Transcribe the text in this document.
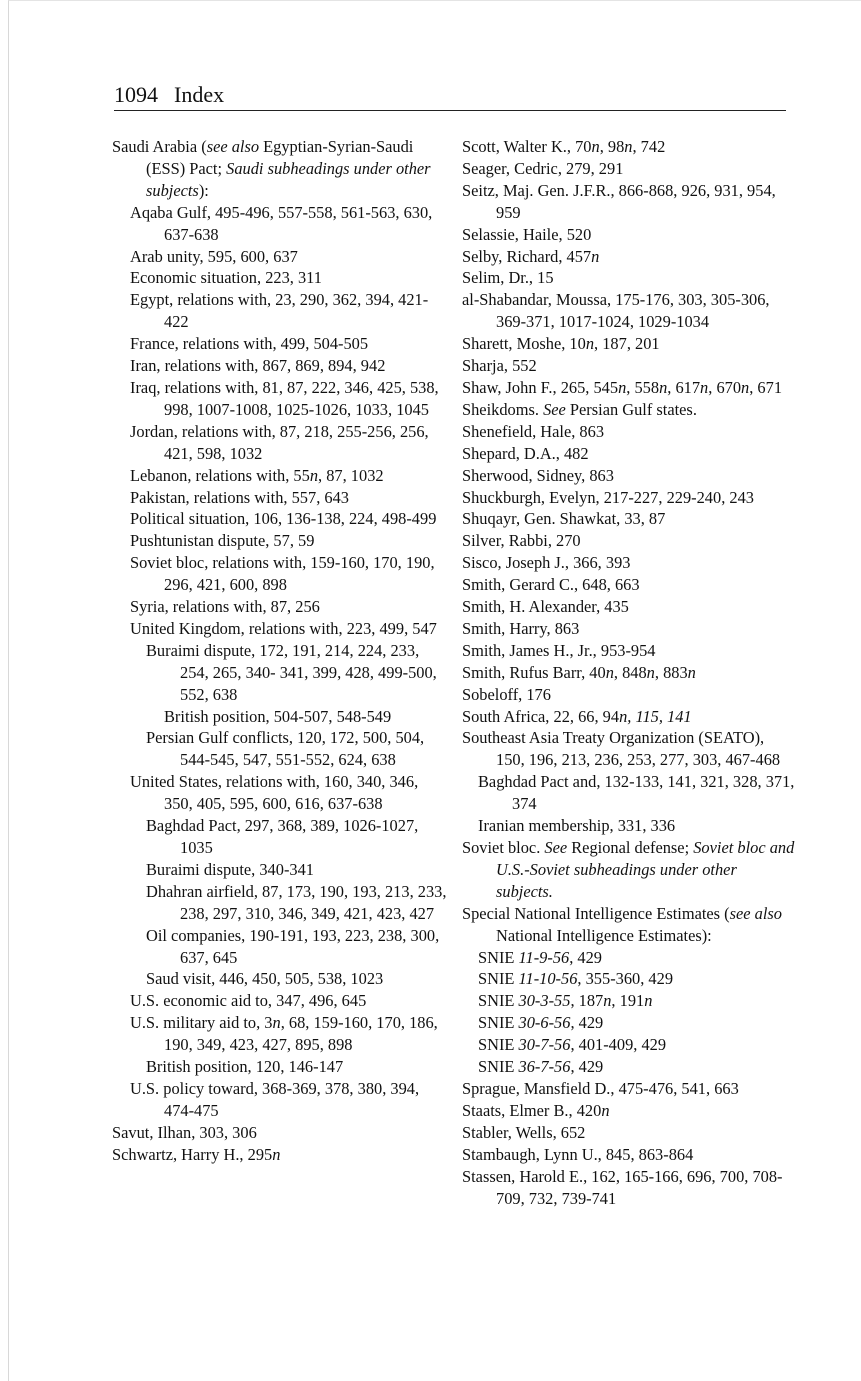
1094 Index
Saudi Arabia (see also Egyptian-Syrian-Saudi (ESS) Pact; Saudi subheadings under other subjects):
Aqaba Gulf, 495-496, 557-558, 561-563, 630, 637-638
Arab unity, 595, 600, 637
Economic situation, 223, 311
Egypt, relations with, 23, 290, 362, 394, 421-422
France, relations with, 499, 504-505
Iran, relations with, 867, 869, 894, 942
Iraq, relations with, 81, 87, 222, 346, 425, 538, 998, 1007-1008, 1025-1026, 1033, 1045
Jordan, relations with, 87, 218, 255-256, 256, 421, 598, 1032
Lebanon, relations with, 55n, 87, 1032
Pakistan, relations with, 557, 643
Political situation, 106, 136-138, 224, 498-499
Pushtunistan dispute, 57, 59
Soviet bloc, relations with, 159-160, 170, 190, 296, 421, 600, 898
Syria, relations with, 87, 256
United Kingdom, relations with, 223, 499, 547
Buraimi dispute, 172, 191, 214, 224, 233, 254, 265, 340- 341, 399, 428, 499-500, 552, 638
British position, 504-507, 548-549
Persian Gulf conflicts, 120, 172, 500, 504, 544-545, 547, 551-552, 624, 638
United States, relations with, 160, 340, 346, 350, 405, 595, 600, 616, 637-638
Baghdad Pact, 297, 368, 389, 1026-1027, 1035
Buraimi dispute, 340-341
Dhahran airfield, 87, 173, 190, 193, 213, 233, 238, 297, 310, 346, 349, 421, 423, 427
Oil companies, 190-191, 193, 223, 238, 300, 637, 645
Saud visit, 446, 450, 505, 538, 1023
U.S. economic aid to, 347, 496, 645
U.S. military aid to, 3n, 68, 159-160, 170, 186, 190, 349, 423, 427, 895, 898
British position, 120, 146-147
U.S. policy toward, 368-369, 378, 380, 394, 474-475
Savut, Ilhan, 303, 306
Schwartz, Harry H., 295n
Scott, Walter K., 70n, 98n, 742
Seager, Cedric, 279, 291
Seitz, Maj. Gen. J.F.R., 866-868, 926, 931, 954, 959
Selassie, Haile, 520
Selby, Richard, 457n
Selim, Dr., 15
al-Shabandar, Moussa, 175-176, 303, 305-306, 369-371, 1017-1024, 1029-1034
Sharett, Moshe, 10n, 187, 201
Sharja, 552
Shaw, John F., 265, 545n, 558n, 617n, 670n, 671
Sheikdoms. See Persian Gulf states.
Shenefield, Hale, 863
Shepard, D.A., 482
Sherwood, Sidney, 863
Shuckburgh, Evelyn, 217-227, 229-240, 243
Shuqayr, Gen. Shawkat, 33, 87
Silver, Rabbi, 270
Sisco, Joseph J., 366, 393
Smith, Gerard C., 648, 663
Smith, H. Alexander, 435
Smith, Harry, 863
Smith, James H., Jr., 953-954
Smith, Rufus Barr, 40n, 848n, 883n
Sobeloff, 176
South Africa, 22, 66, 94n, 115, 141
Southeast Asia Treaty Organization (SEATO), 150, 196, 213, 236, 253, 277, 303, 467-468
Baghdad Pact and, 132-133, 141, 321, 328, 371, 374
Iranian membership, 331, 336
Soviet bloc. See Regional defense; Soviet bloc and U.S.-Soviet subheadings under other subjects.
Special National Intelligence Estimates (see also National Intelligence Estimates):
SNIE 11-9-56, 429
SNIE 11-10-56, 355-360, 429
SNIE 30-3-55, 187n, 191n
SNIE 30-6-56, 429
SNIE 30-7-56, 401-409, 429
SNIE 36-7-56, 429
Sprague, Mansfield D., 475-476, 541, 663
Staats, Elmer B., 420n
Stabler, Wells, 652
Stambaugh, Lynn U., 845, 863-864
Stassen, Harold E., 162, 165-166, 696, 700, 708-709, 732, 739-741
